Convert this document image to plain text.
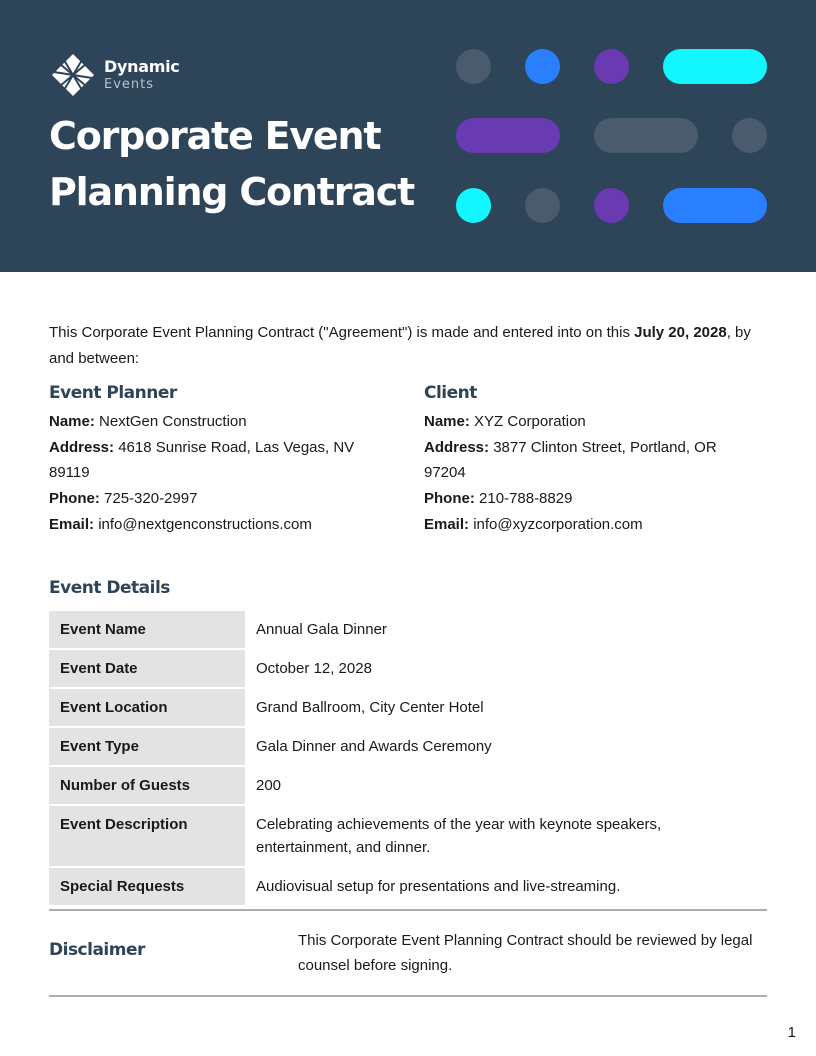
Dynamic
Events
Corporate Event
Planning Contract
This Corporate Event Planning Contract ("Agreement") is made and entered into on this July 20, 2028, by and between:
Event Planner
Name: NextGen Construction
Address: 4618 Sunrise Road, Las Vegas, NV 89119
Phone: 725-320-2997
Email: info@nextgenconstructions.com
Client
Name: XYZ Corporation
Address: 3877 Clinton Street, Portland, OR 97204
Phone: 210-788-8829
Email: info@xyzcorporation.com
Event Details
Event Name	Annual Gala Dinner
Event Date	October 12, 2028
Event Location	Grand Ballroom, City Center Hotel
Event Type	Gala Dinner and Awards Ceremony
Number of Guests	200
Event Description	Celebrating achievements of the year with keynote speakers, entertainment, and dinner.
Special Requests	Audiovisual setup for presentations and live-streaming.
Disclaimer	This Corporate Event Planning Contract should be reviewed by legal counsel before signing.
1
